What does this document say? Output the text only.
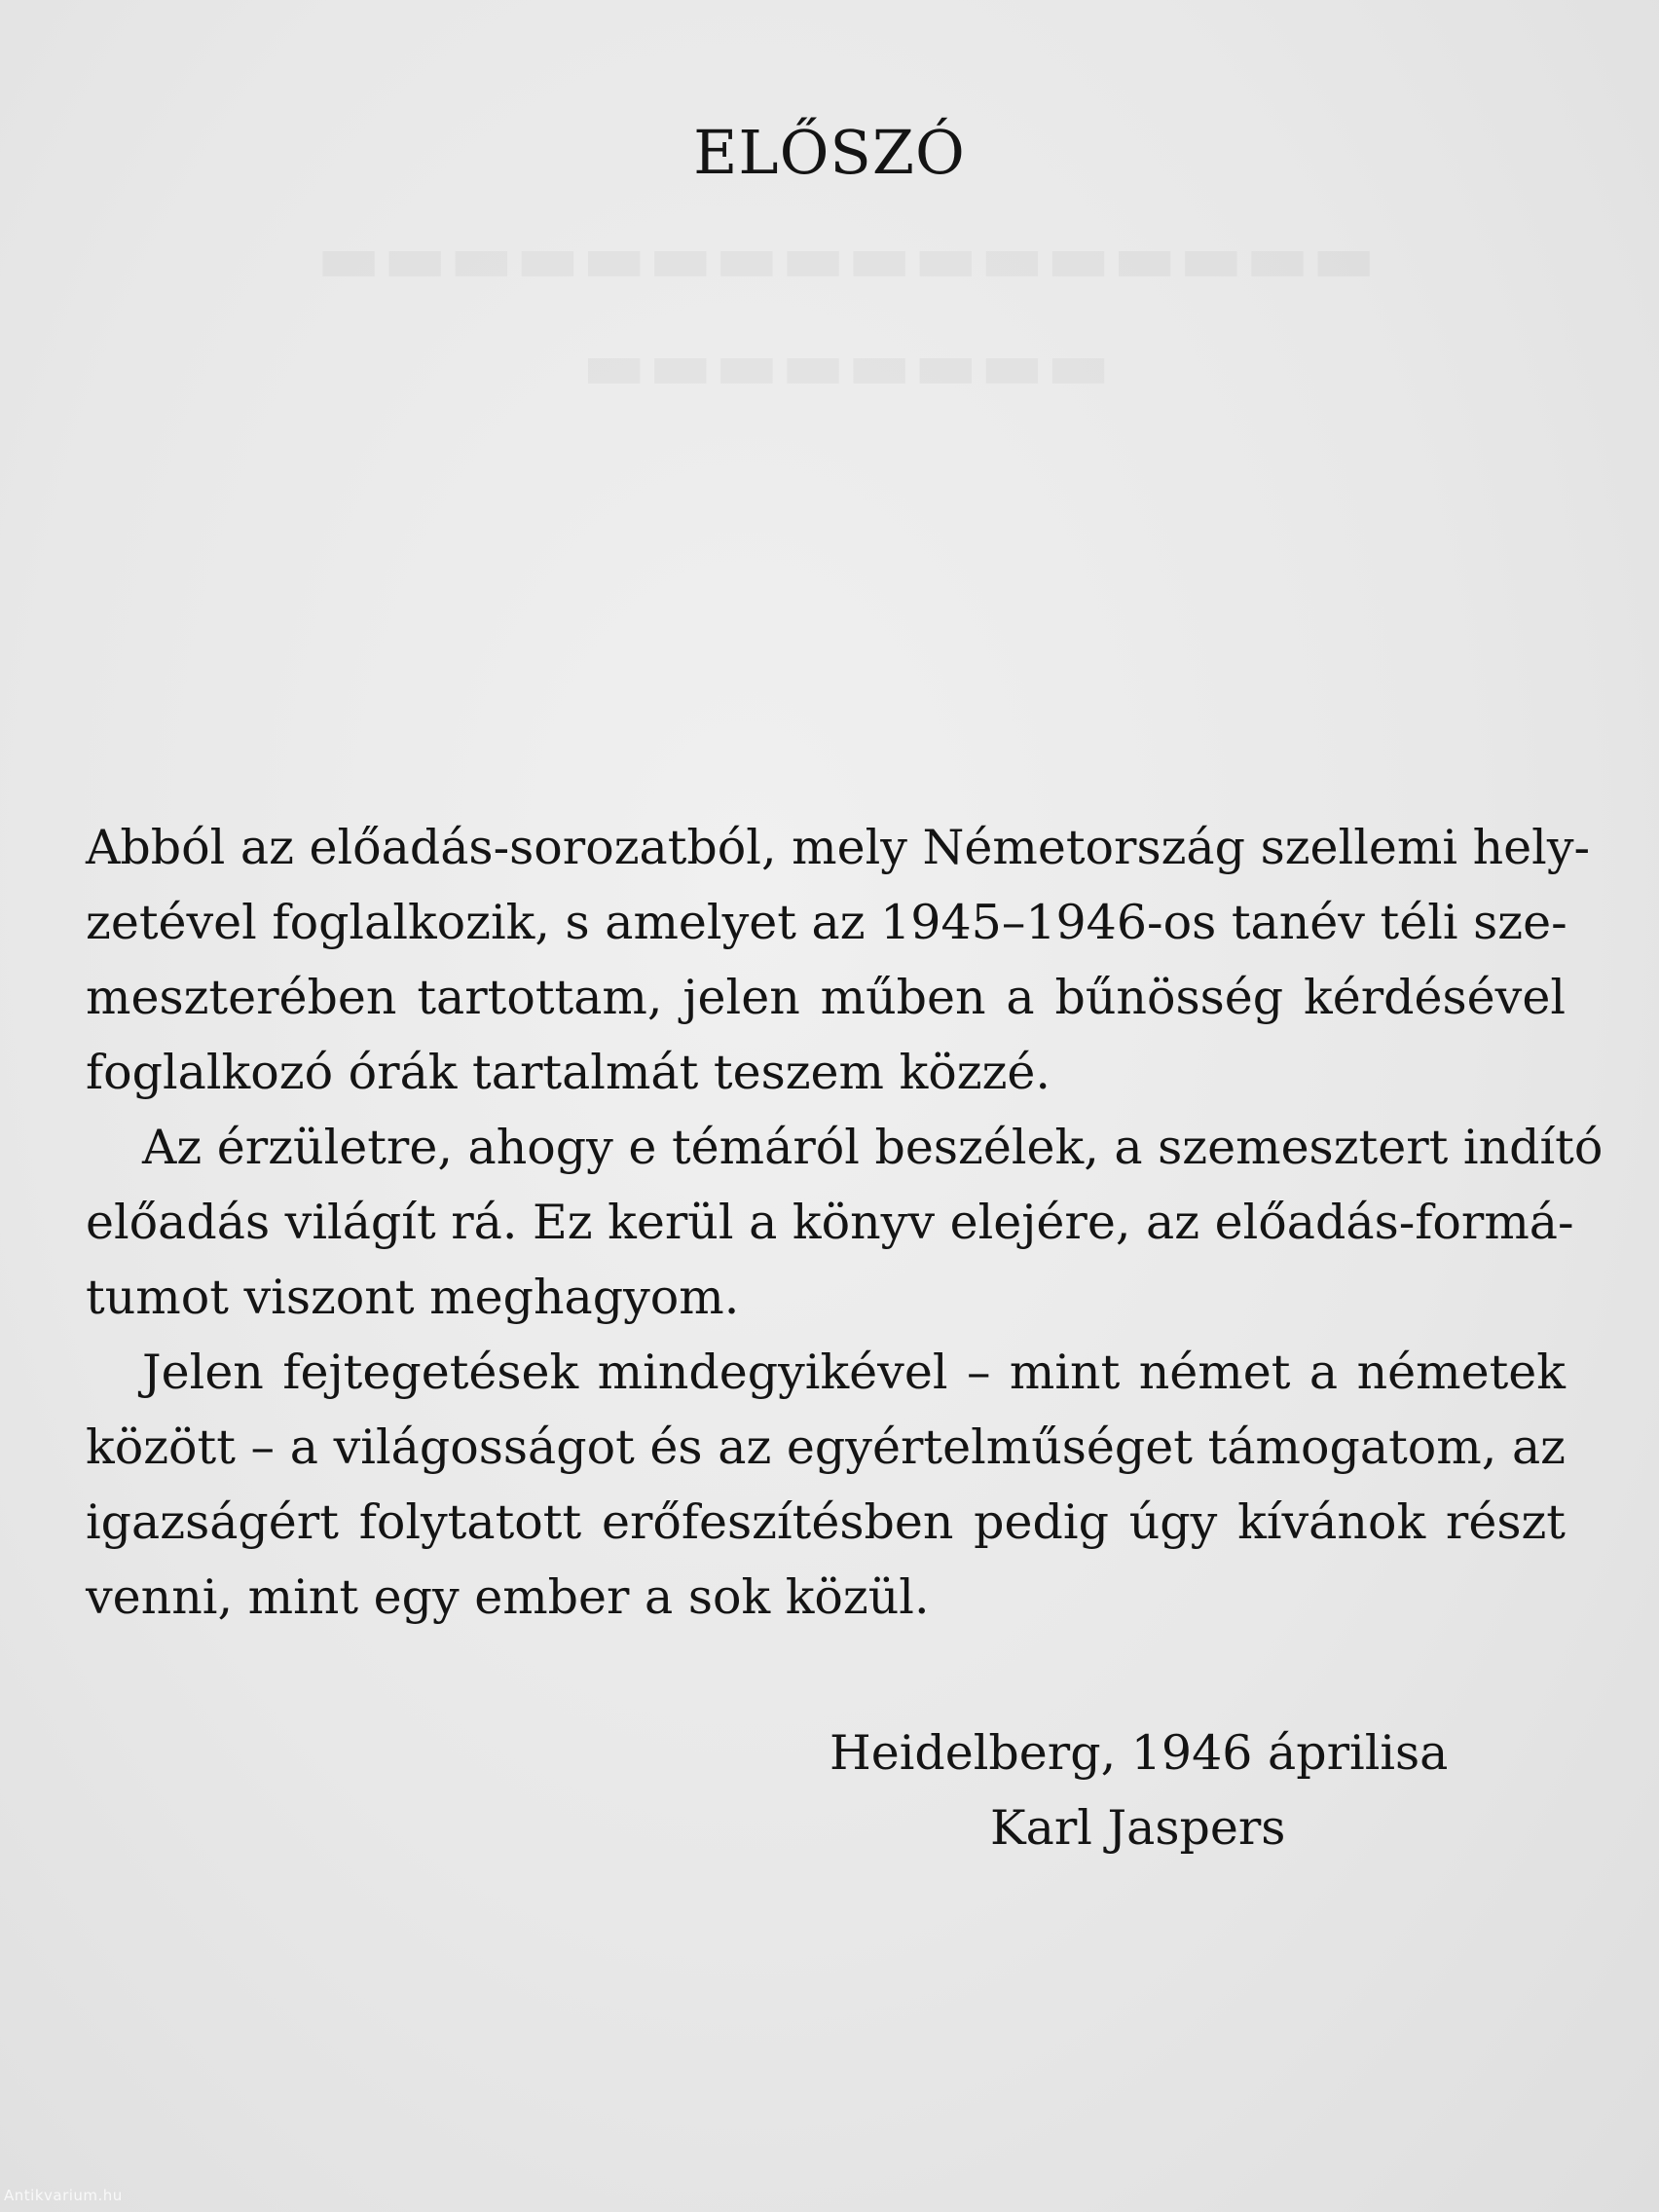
ELŐSZÓ

Abból az előadás-sorozatból, mely Németország szellemi hely-
zetével foglalkozik, s amelyet az 1945–1946-os tanév téli sze-
meszterében tartottam, jelen műben a bűnösség kérdésével
foglalkozó órák tartalmát teszem közzé.

Az érzületre, ahogy e témáról beszélek, a szemesztert indító
előadás világít rá. Ez kerül a könyv elejére, az előadás-formá-
tumot viszont meghagyom.

Jelen fejtegetések mindegyikével – mint német a németek
között – a világosságot és az egyértelműséget támogatom, az
igazságért folytatott erőfeszítésben pedig úgy kívánok részt
venni, mint egy ember a sok közül.

Heidelberg, 1946 áprilisa
Karl Jaspers
Antikvarium.hu
